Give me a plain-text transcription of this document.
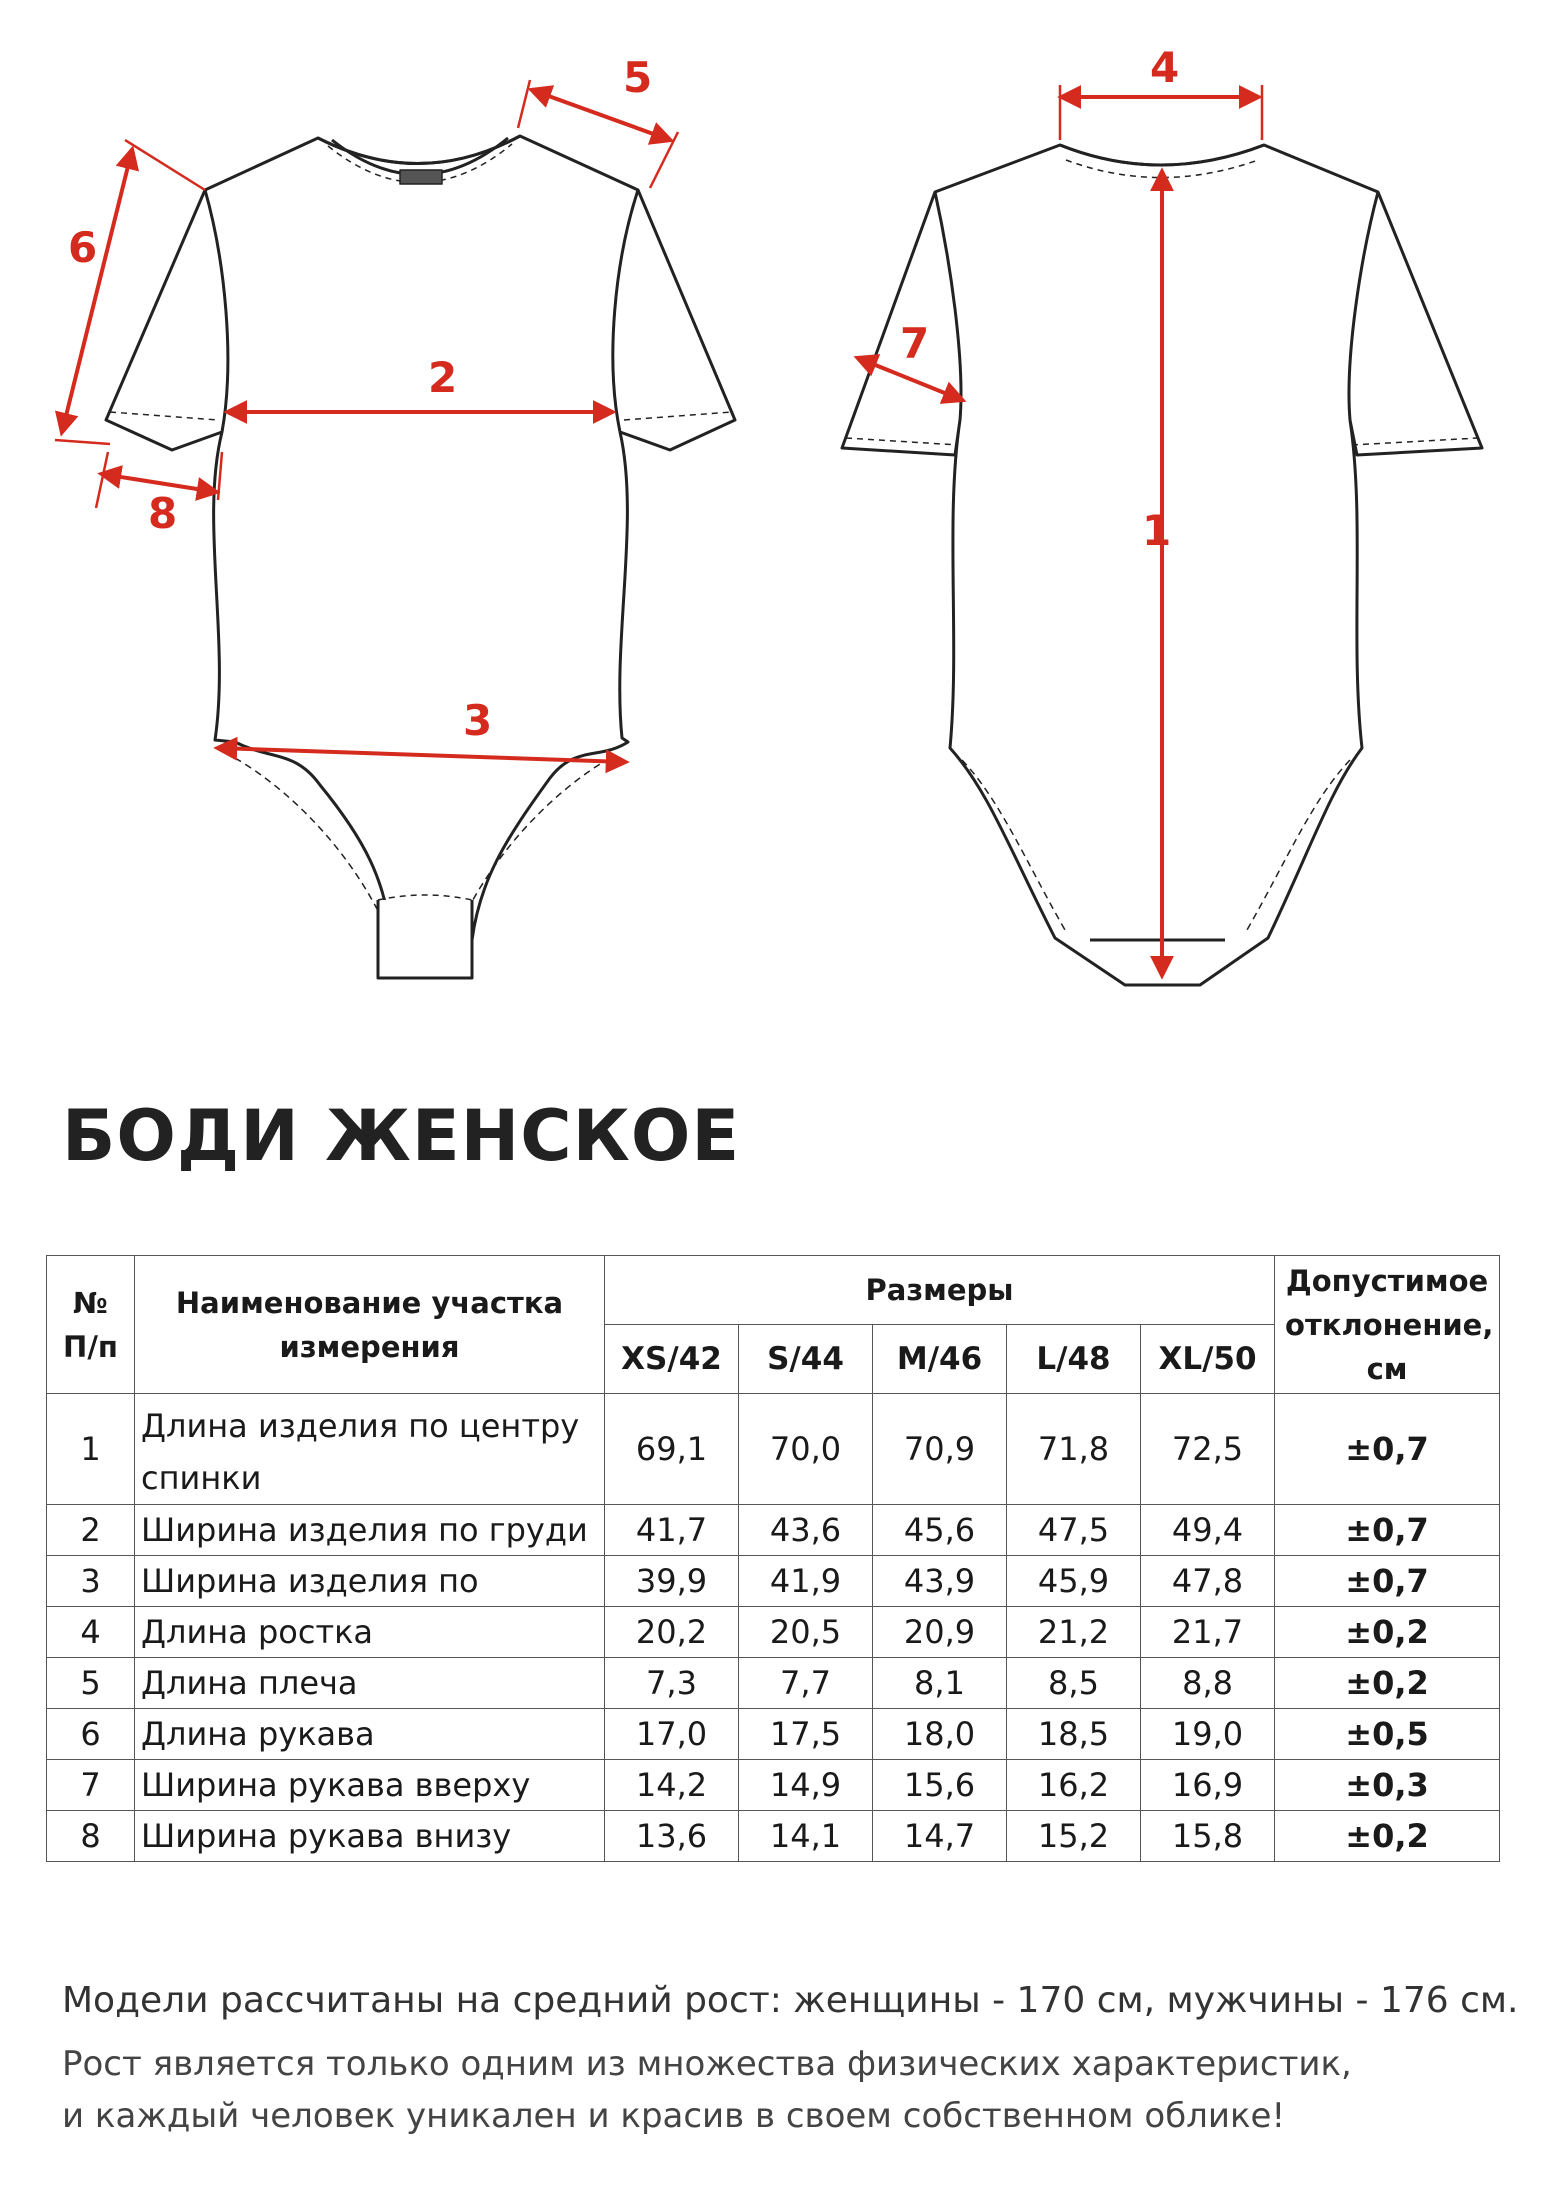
1
2
3
4
5
6
7
8
БОДИ ЖЕНСКОЕ
№
П/п	Наименование участка измерения	Размеры					Допустимое отклонение, см
		XS/42	S/44	M/46	L/48	XL/50	
1	Длина изделия по центру спинки	69,1	70,0	70,9	71,8	72,5	±0,7
2	Ширина изделия по груди	41,7	43,6	45,6	47,5	49,4	±0,7
3	Ширина изделия по	39,9	41,9	43,9	45,9	47,8	±0,7
4	Длина ростка	20,2	20,5	20,9	21,2	21,7	±0,2
5	Длина плеча	7,3	7,7	8,1	8,5	8,8	±0,2
6	Длина рукава	17,0	17,5	18,0	18,5	19,0	±0,5
7	Ширина рукава вверху	14,2	14,9	15,6	16,2	16,9	±0,3
8	Ширина рукава внизу	13,6	14,1	14,7	15,2	15,8	±0,2

Модели рассчитаны на средний рост: женщины - 170 см, мужчины - 176 см.

Рост является только одним из множества физических характеристик,
и каждый человек уникален и красив в своем собственном облике!
